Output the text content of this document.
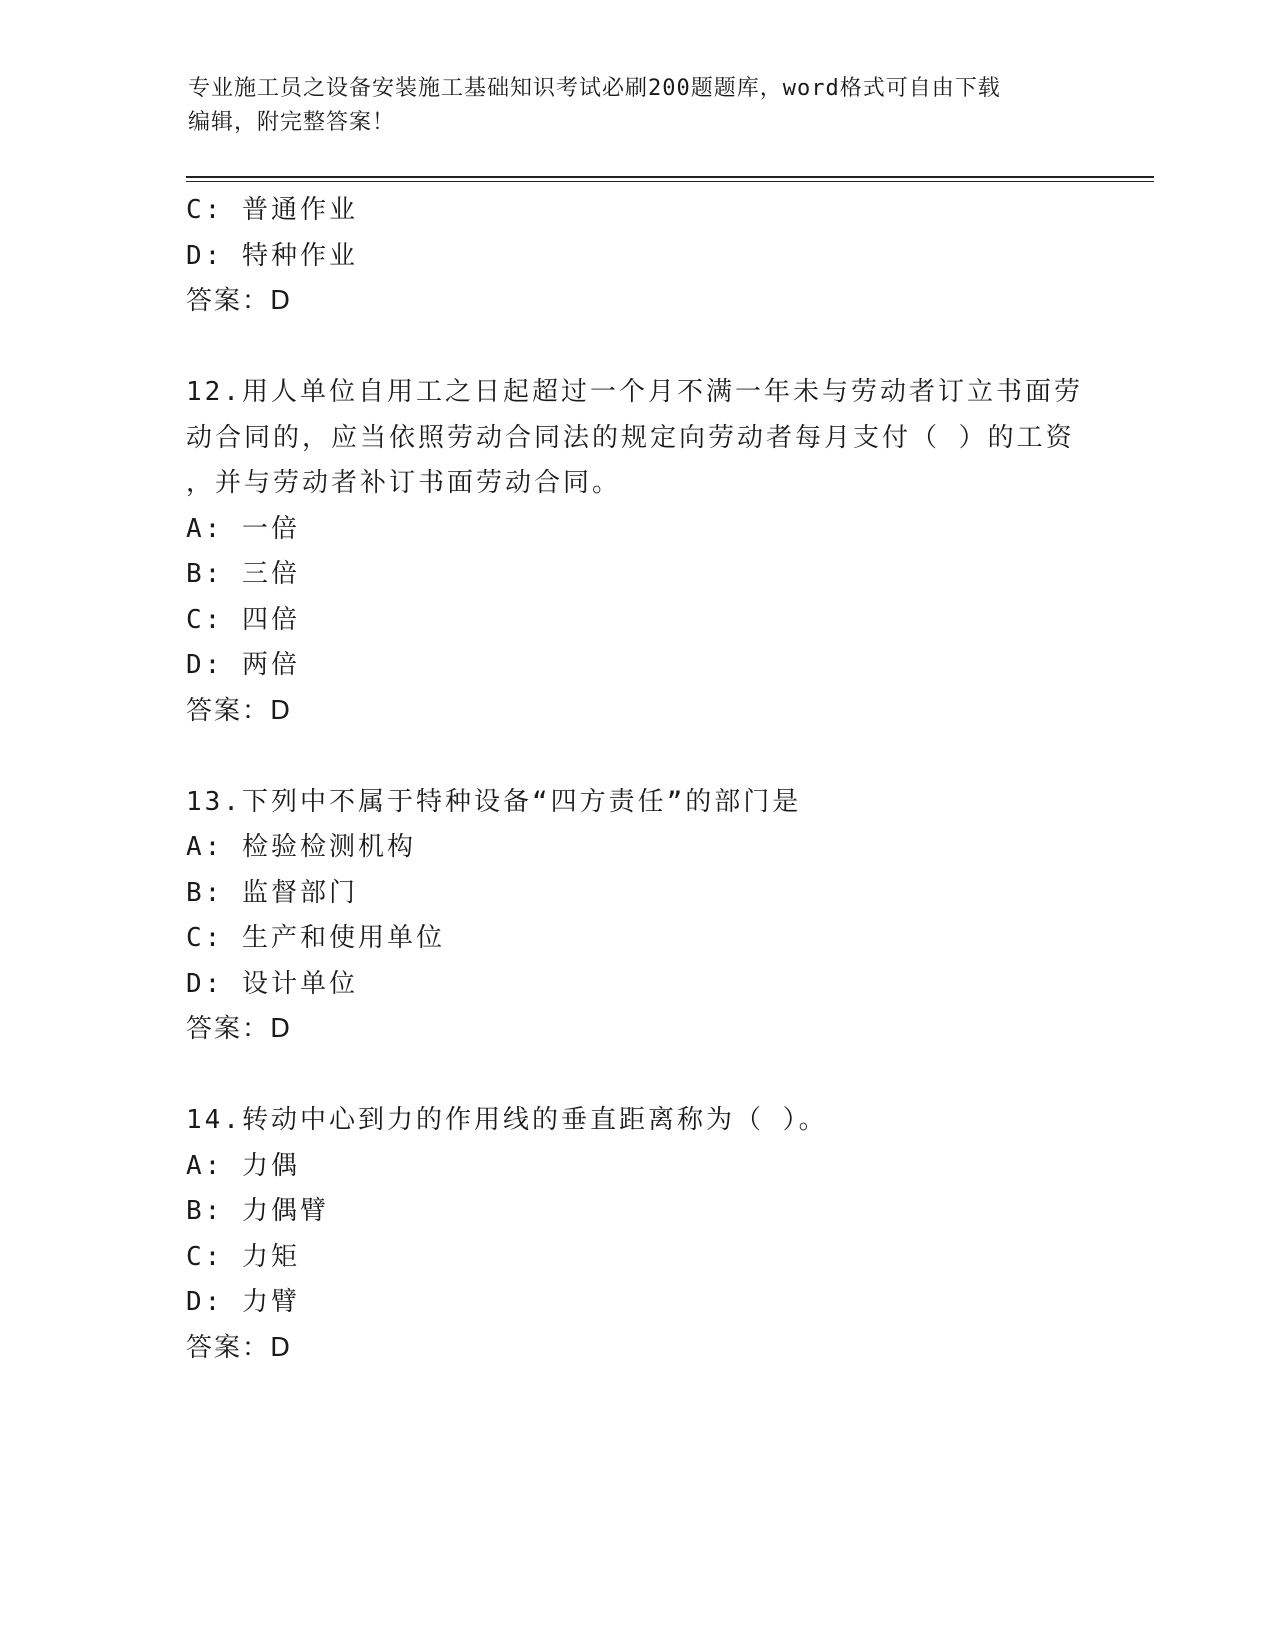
专业施工员之设备安装施工基础知识考试必刷200题题库，word格式可自由下载
编辑，附完整答案！
C: 普通作业
D: 特种作业
答案：D
12.用人单位自用工之日起超过一个月不满一年未与劳动者订立书面劳
动合同的，应当依照劳动合同法的规定向劳动者每月支付（ ）的工资
，并与劳动者补订书面劳动合同。
A: 一倍
B: 三倍
C: 四倍
D: 两倍
答案：D
13.下列中不属于特种设备“四方责任”的部门是
A: 检验检测机构
B: 监督部门
C: 生产和使用单位
D: 设计单位
答案：D
14.转动中心到力的作用线的垂直距离称为（ ）。
A: 力偶
B: 力偶臂
C: 力矩
D: 力臂
答案：D
